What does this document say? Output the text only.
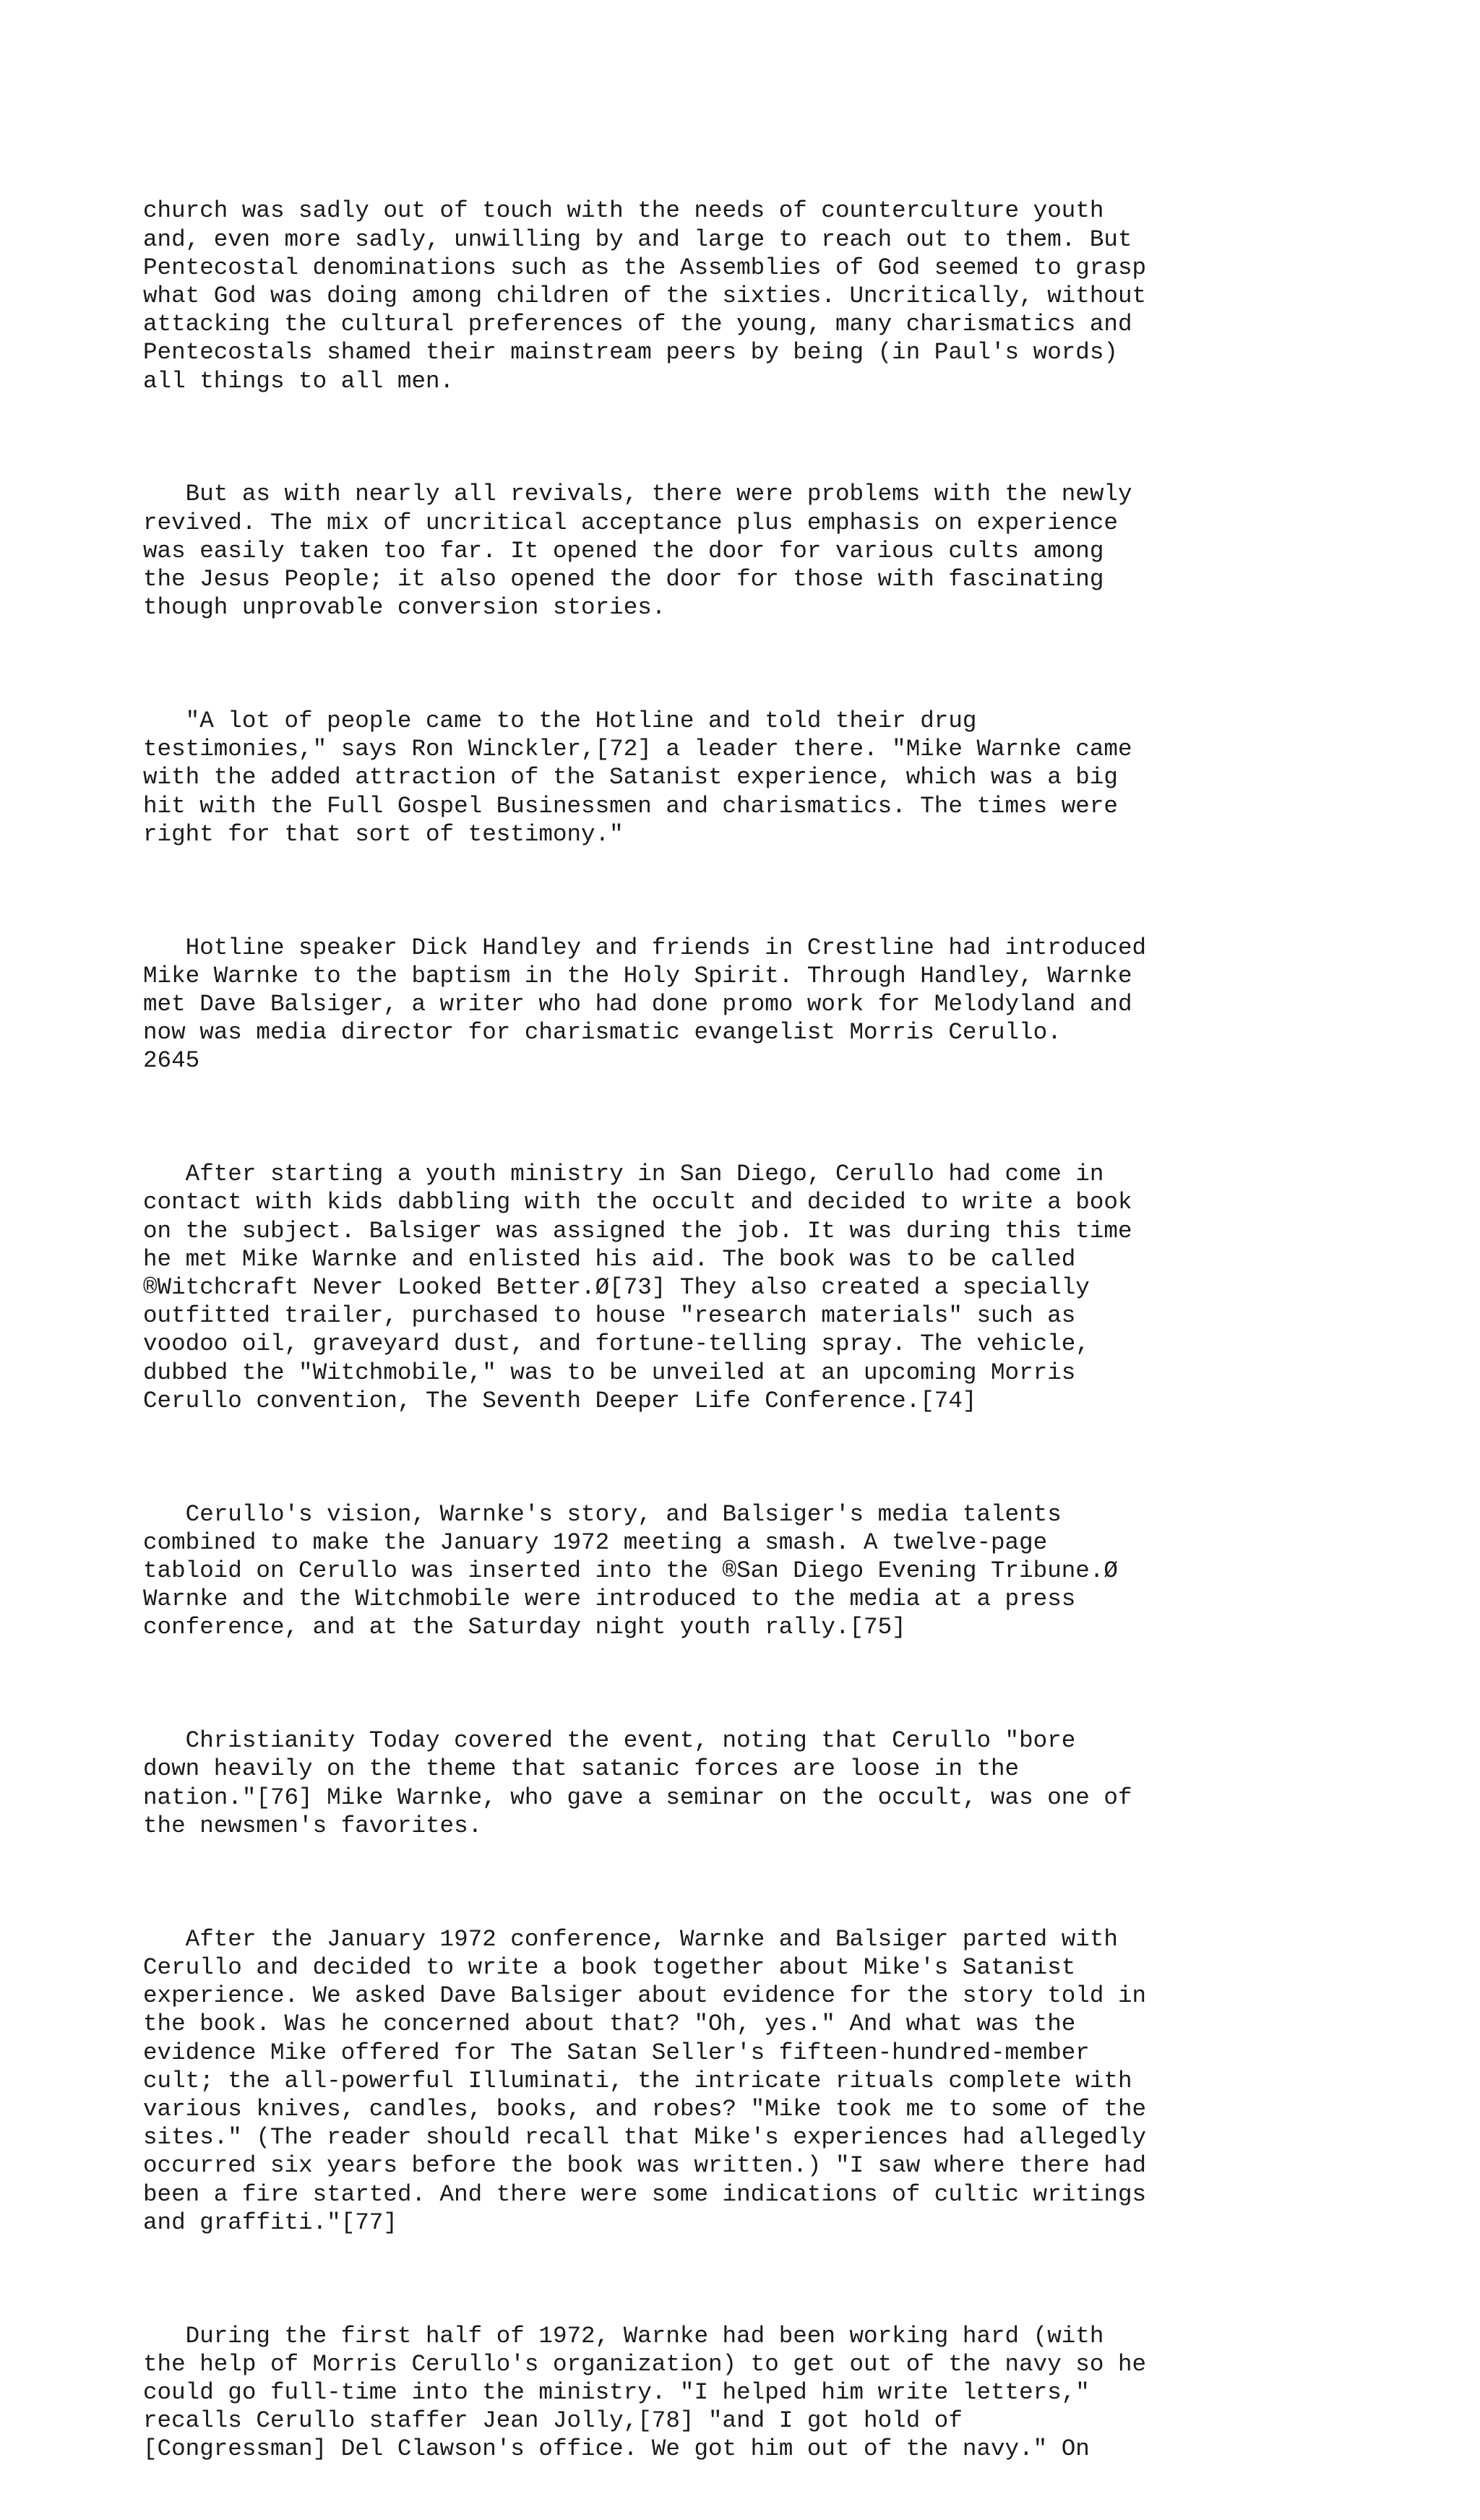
church was sadly out of touch with the needs of counterculture youth
and, even more sadly, unwilling by and large to reach out to them. But
Pentecostal denominations such as the Assemblies of God seemed to grasp
what God was doing among children of the sixties. Uncritically, without
attacking the cultural preferences of the young, many charismatics and
Pentecostals shamed their mainstream peers by being (in Paul's words)
all things to all men.

But as with nearly all revivals, there were problems with the newly
revived. The mix of uncritical acceptance plus emphasis on experience
was easily taken too far. It opened the door for various cults among
the Jesus People; it also opened the door for those with fascinating
though unprovable conversion stories.

"A lot of people came to the Hotline and told their drug
testimonies," says Ron Winckler,[72] a leader there. "Mike Warnke came
with the added attraction of the Satanist experience, which was a big
hit with the Full Gospel Businessmen and charismatics. The times were
right for that sort of testimony."

Hotline speaker Dick Handley and friends in Crestline had introduced
Mike Warnke to the baptism in the Holy Spirit. Through Handley, Warnke
met Dave Balsiger, a writer who had done promo work for Melodyland and
now was media director for charismatic evangelist Morris Cerullo.
2645

After starting a youth ministry in San Diego, Cerullo had come in
contact with kids dabbling with the occult and decided to write a book
on the subject. Balsiger was assigned the job. It was during this time
he met Mike Warnke and enlisted his aid. The book was to be called
®Witchcraft Never Looked Better.Ø[73] They also created a specially
outfitted trailer, purchased to house "research materials" such as
voodoo oil, graveyard dust, and fortune-telling spray. The vehicle,
dubbed the "Witchmobile," was to be unveiled at an upcoming Morris
Cerullo convention, The Seventh Deeper Life Conference.[74]

Cerullo's vision, Warnke's story, and Balsiger's media talents
combined to make the January 1972 meeting a smash. A twelve-page
tabloid on Cerullo was inserted into the ®San Diego Evening Tribune.Ø
Warnke and the Witchmobile were introduced to the media at a press
conference, and at the Saturday night youth rally.[75]

Christianity Today covered the event, noting that Cerullo "bore
down heavily on the theme that satanic forces are loose in the
nation."[76] Mike Warnke, who gave a seminar on the occult, was one of
the newsmen's favorites.

After the January 1972 conference, Warnke and Balsiger parted with
Cerullo and decided to write a book together about Mike's Satanist
experience. We asked Dave Balsiger about evidence for the story told in
the book. Was he concerned about that? "Oh, yes." And what was the
evidence Mike offered for The Satan Seller's fifteen-hundred-member
cult; the all-powerful Illuminati, the intricate rituals complete with
various knives, candles, books, and robes? "Mike took me to some of the
sites." (The reader should recall that Mike's experiences had allegedly
occurred six years before the book was written.) "I saw where there had
been a fire started. And there were some indications of cultic writings
and graffiti."[77]

During the first half of 1972, Warnke had been working hard (with
the help of Morris Cerullo's organization) to get out of the navy so he
could go full-time into the ministry. "I helped him write letters,"
recalls Cerullo staffer Jean Jolly,[78] "and I got hold of
[Congressman] Del Clawson's office. We got him out of the navy." On
